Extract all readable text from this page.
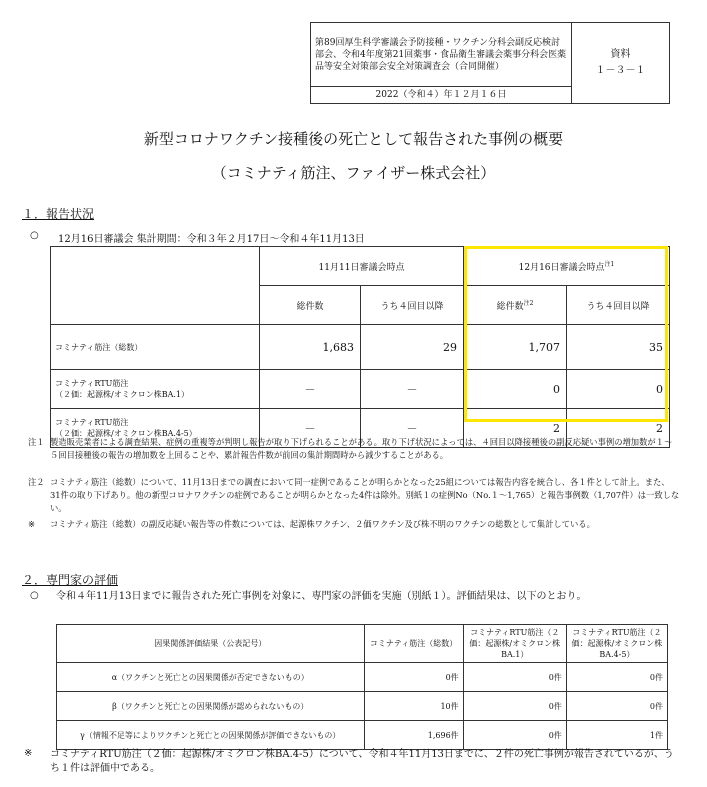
第89回厚生科学審議会予防接種・ワクチン分科会副反応検討部会、令和4年度第21回薬事・食品衛生審議会薬事分科会医薬品等安全対策部会安全対策調査会（合同開催）	
資料
１－３－１

2022（令和４）年１２月１６日
新型コロナワクチン接種後の死亡として報告された事例の概要
（コミナティ筋注、ファイザー株式会社）
１．報告状況
○ 12月16日審議会 集計期間：令和３年２月17日～令和４年11月13日
	11月11日審議会時点		12月16日審議会時点$^{注1}$
	総件数	うち４回目以降	総件数$^{注2}$	うち４回目以降

コミナティ筋注（総数）	1,683	29	1,707	35

コミナティRTU筋注
（２価：起源株/オミクロン株BA.1）	－	－	0	0

コミナティRTU筋注
（２価：起源株/オミクロン株BA.4-5）	－	－	2	2
注１ 製造販売業者による調査結果、症例の重複等が判明し報告が取り下げられることがある。取り下げ状況によっては、４回目以降接種後の副反応疑い事例の増加数が１～５回目接種後の報告の増加数を上回ることや、累計報告件数が前回の集計期間時から減少することがある。
注２ コミナティ筋注（総数）について、11月13日までの調査において同一症例であることが明らかとなった25組については報告内容を統合し、各１件として計上。また、31件の取り下げあり。他の新型コロナワクチンの症例であることが明らかとなった4件は除外。別紙１の症例No（No.１～1,765）と報告事例数（1,707件）は一致しない。
※ コミナティ筋注（総数）の副反応疑い報告等の件数については、起源株ワクチン、２価ワクチン及び株不明のワクチンの総数として集計している。
２．専門家の評価
○ 令和４年11月13日までに報告された死亡事例を対象に、専門家の評価を実施（別紙１）。評価結果は、以下のとおり。
因果関係評価結果（公表記号）	コミナティ筋注（総数）	コミナティRTU筋注（２価：起源株/オミクロン株BA.1）	コミナティRTU筋注（２価：起源株/オミクロン株BA.4-5）
α（ワクチンと死亡との因果関係が否定できないもの）	0件	0件	0件
β（ワクチンと死亡との因果関係が認められないもの）	10件	0件	0件
γ（情報不足等によりワクチンと死亡との因果関係が評価できないもの）	1,696件	0件	1件
※ コミナティRTU筋注（２価：起源株/オミクロン株BA.4-5）について、令和４年11月13日までに、２件の死亡事例が報告されているが、うち１件は評価中である。
